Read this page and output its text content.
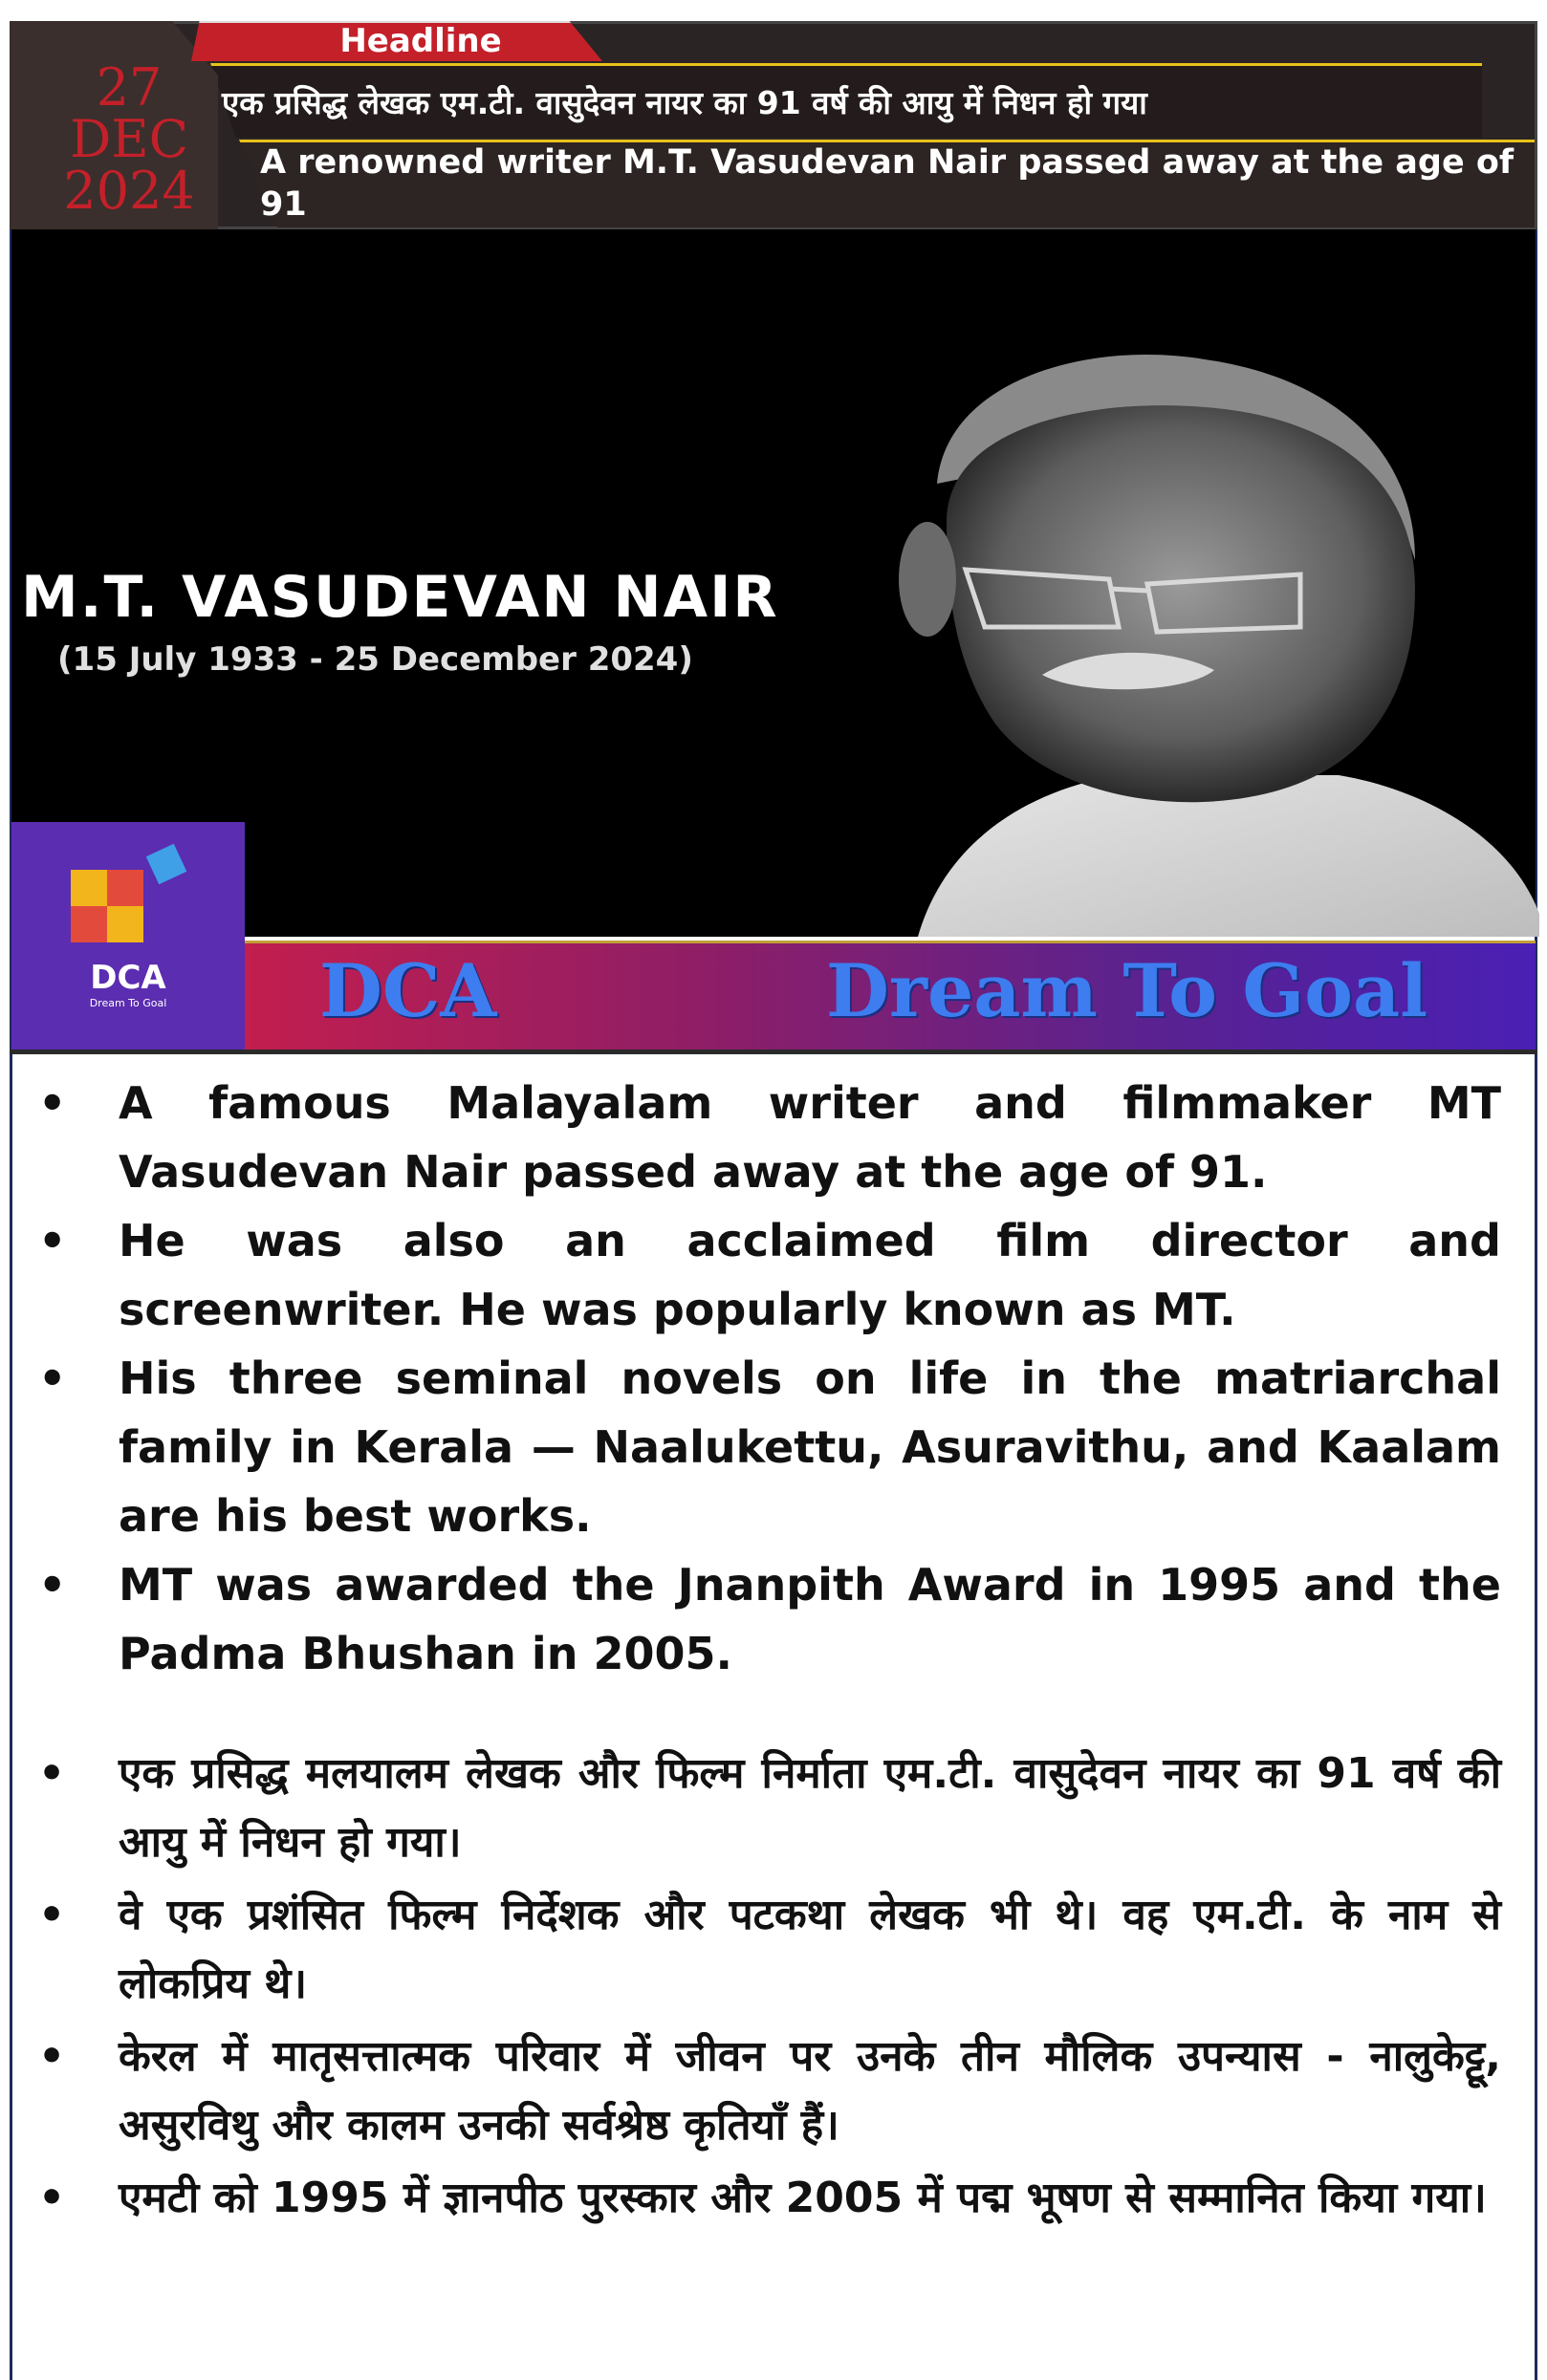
एक प्रसिद्ध लेखक एम.टी. वासुदेवन नायर का 91 वर्ष की आयु में निधन हो गया
A renowned writer M.T. Vasudevan Nair passed away at the age of 91
27
DEC
2024
Headline
M.T. VASUDEVAN NAIR
(15 July 1933 - 25 December 2024)
DCA
Dream To Goal	DCA	Dream To Goal
• A famous Malayalam writer and filmmaker MT Vasudevan Nair passed away at the age of 91.
• He was also an acclaimed film director and screenwriter. He was popularly known as MT.
• His three seminal novels on life in the matriarchal family in Kerala — Naalukettu, Asuravithu, and Kaalam are his best works.
• MT was awarded the Jnanpith Award in 1995 and the Padma Bhushan in 2005.
• एक प्रसिद्ध मलयालम लेखक और फिल्म निर्माता एम.टी. वासुदेवन नायर का 91 वर्ष की आयु में निधन हो गया।
• वे एक प्रशंसित फिल्म निर्देशक और पटकथा लेखक भी थे। वह एम.टी. के नाम से लोकप्रिय थे।
• केरल में मातृसत्तात्मक परिवार में जीवन पर उनके तीन मौलिक उपन्यास - नालुकेट्टू, असुरविथु और कालम उनकी सर्वश्रेष्ठ कृतियाँ हैं।
• एमटी को 1995 में ज्ञानपीठ पुरस्कार और 2005 में पद्म भूषण से सम्मानित किया गया।
